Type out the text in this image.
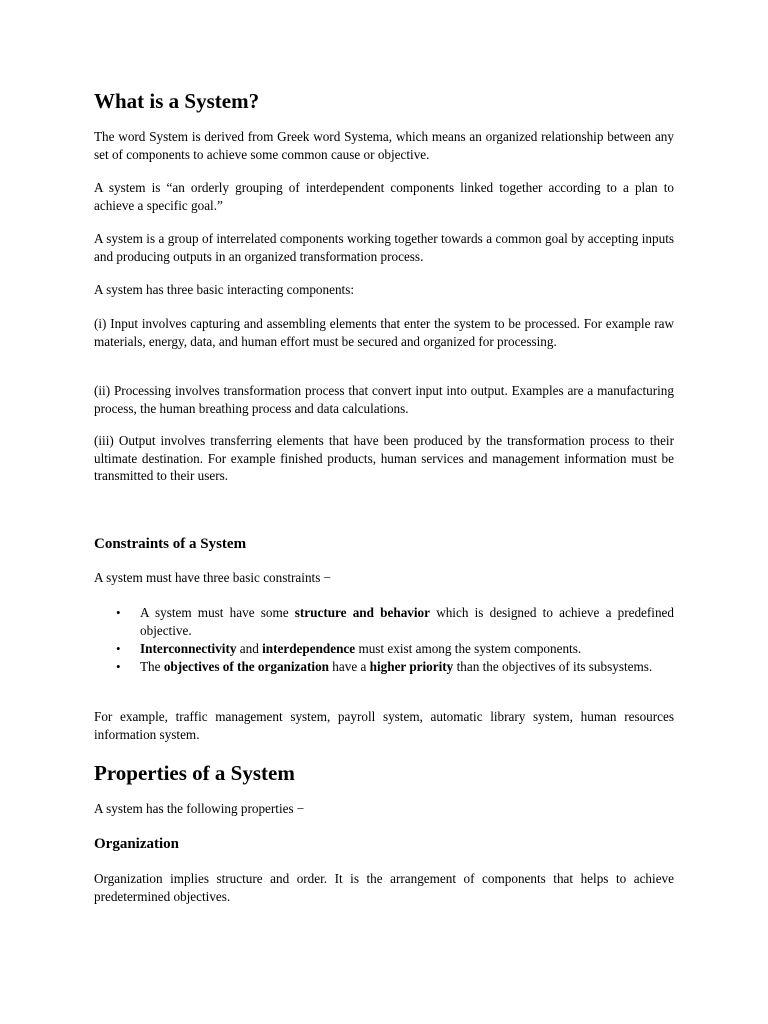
What is a System?

The word System is derived from Greek word Systema, which means an organized relationship between any set of components to achieve some common cause or objective.

A system is “an orderly grouping of interdependent components linked together according to a plan to achieve a specific goal.”

A system is a group of interrelated components working together towards a common goal by accepting inputs and producing outputs in an organized transformation process.

A system has three basic interacting components:

(i) Input involves capturing and assembling elements that enter the system to be processed. For example raw materials, energy, data, and human effort must be secured and organized for processing.

(ii) Processing involves transformation process that convert input into output. Examples are a manufacturing process, the human breathing process and data calculations.

(iii) Output involves transferring elements that have been produced by the transformation process to their ultimate destination. For example finished products, human services and management information must be transmitted to their users.

Constraints of a System

A system must have three basic constraints −

• A system must have some structure and behavior which is designed to achieve a predefined objective.
• Interconnectivity and interdependence must exist among the system components.
• The objectives of the organization have a higher priority than the objectives of its subsystems.

For example, traffic management system, payroll system, automatic library system, human resources information system.

Properties of a System

A system has the following properties −

Organization

Organization implies structure and order. It is the arrangement of components that helps to achieve predetermined objectives.
